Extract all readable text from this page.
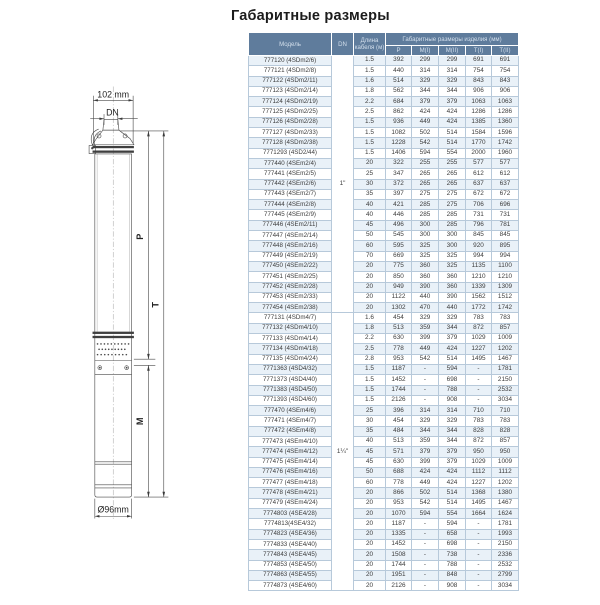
Габаритные размеры
102 mm
DN
P
T
M
Ø96mm
Модель	DN	Длина кабеля (м)	Габаритные размеры изделия (мм)				
			P	M(I)	M(II)	T(I)	T(II)
777120 (4SDm2/6)	1"	1.5	392	299	299	691	691
777121 (4SDm2/8)		1.5	440	314	314	754	754
777122 (4SDm2/11)		1.6	514	329	329	843	843
777123 (4SDm2/14)		1.8	562	344	344	906	906
777124 (4SDm2/19)		2.2	684	379	379	1063	1063
777125 (4SDm2/25)		2.5	862	424	424	1286	1286
777126 (4SDm2/28)		1.5	936	449	424	1385	1360
777127 (4SDm2/33)		1.5	1082	502	514	1584	1596
777128 (4SDm2/38)		1.5	1228	542	514	1770	1742
7771293 (4SD2/44)		1.5	1406	594	554	2000	1960
777440 (4SEm2/4)		20	322	255	255	577	577
777441 (4SEm2/5)		25	347	265	265	612	612
777442 (4SEm2/6)		30	372	265	265	637	637
777443 (4SEm2/7)		35	397	275	275	672	672
777444 (4SEm2/8)		40	421	285	275	706	696
777445 (4SEm2/9)		40	446	285	285	731	731
777446 (4SEm2/11)		45	496	300	285	796	781
777447 (4SEm2/14)		50	545	300	300	845	845
777448 (4SEm2/16)		60	595	325	300	920	895
777449 (4SEm2/19)		70	669	325	325	994	994
777450 (4SEm2/22)		20	775	360	325	1135	1100
777451 (4SEm2/25)		20	850	360	360	1210	1210
777452 (4SEm2/28)		20	949	390	360	1339	1309
777453 (4SEm2/33)		20	1122	440	390	1562	1512
777454 (4SEm2/38)		20	1302	470	440	1772	1742
777131 (4SDm4/7)	1¼"	1.6	454	329	329	783	783
777132 (4SDm4/10)		1.8	513	359	344	872	857
777133 (4SDm4/14)		2.2	630	399	379	1029	1009
777134 (4SDm4/18)		2.5	778	449	424	1227	1202
777135 (4SDm4/24)		2.8	953	542	514	1495	1467
7771363 (4SD4/32)		1.5	1187	-	594	-	1781
7771373 (4SD4/40)		1.5	1452	-	698	-	2150
7771383 (4SD4/50)		1.5	1744	-	788	-	2532
7771393 (4SD4/60)		1.5	2126	-	908	-	3034
777470 (4SEm4/6)		25	396	314	314	710	710
777471 (4SEm4/7)		30	454	329	329	783	783
777472 (4SEm4/8)		35	484	344	344	828	828
777473 (4SEm4/10)		40	513	359	344	872	857
777474 (4SEm4/12)		45	571	379	379	950	950
777475 (4SEm4/14)		45	630	399	379	1029	1009
777476 (4SEm4/16)		50	688	424	424	1112	1112
777477 (4SEm4/18)		60	778	449	424	1227	1202
777478 (4SEm4/21)		20	866	502	514	1368	1380
777479 (4SEm4/24)		20	953	542	514	1495	1467
7774803 (4SE4/28)		20	1070	594	554	1664	1624
7774813(4SE4/32)		20	1187	-	594	-	1781
7774823 (4SE4/36)		20	1335	-	658	-	1993
7774833 (4SE4/40)		20	1452	-	698	-	2150
7774843 (4SE4/45)		20	1508	-	738	-	2336
7774853 (4SE4/50)		20	1744	-	788	-	2532
7774863 (4SE4/55)		20	1951	-	848	-	2799
7774873 (4SE4/60)		20	2126	-	908	-	3034
